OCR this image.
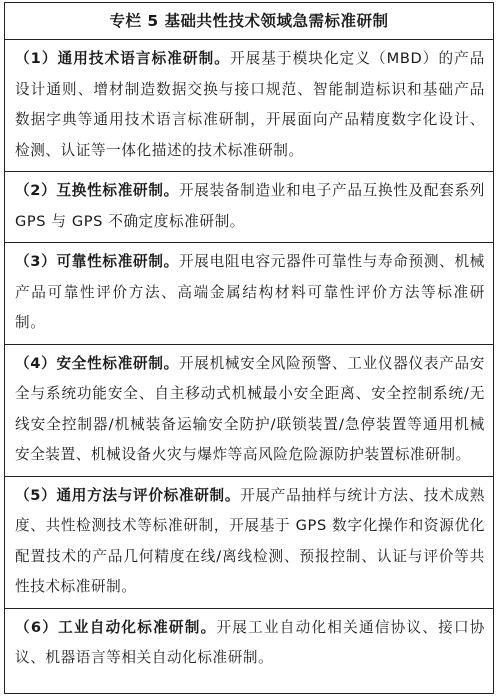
专栏 5 基础共性技术领域急需标准研制
（1）通用技术语言标准研制。开展基于模块化定义（MBD）的产品设计通则、增材制造数据交换与接口规范、智能制造标识和基础产品数据字典等通用技术语言标准研制，开展面向产品精度数字化设计、检测、认证等一体化描述的技术标准研制。
（2）互换性标准研制。开展装备制造业和电子产品互换性及配套系列 GPS 与 GPS 不确定度标准研制。
（3）可靠性标准研制。开展电阻电容元器件可靠性与寿命预测、机械产品可靠性评价方法、高端金属结构材料可靠性评价方法等标准研制。
（4）安全性标准研制。开展机械安全风险预警、工业仪器仪表产品安全与系统功能安全、自主移动式机械最小安全距离、安全控制系统/无线安全控制器/机械装备运输安全防护/联锁装置/急停装置等通用机械安全装置、机械设备火灾与爆炸等高风险危险源防护装置标准研制。
（5）通用方法与评价标准研制。开展产品抽样与统计方法、技术成熟度、共性检测技术等标准研制，开展基于 GPS 数字化操作和资源优化配置技术的产品几何精度在线/离线检测、预报控制、认证与评价等共性技术标准研制。
（6）工业自动化标准研制。开展工业自动化相关通信协议、接口协议、机器语言等相关自动化标准研制。
